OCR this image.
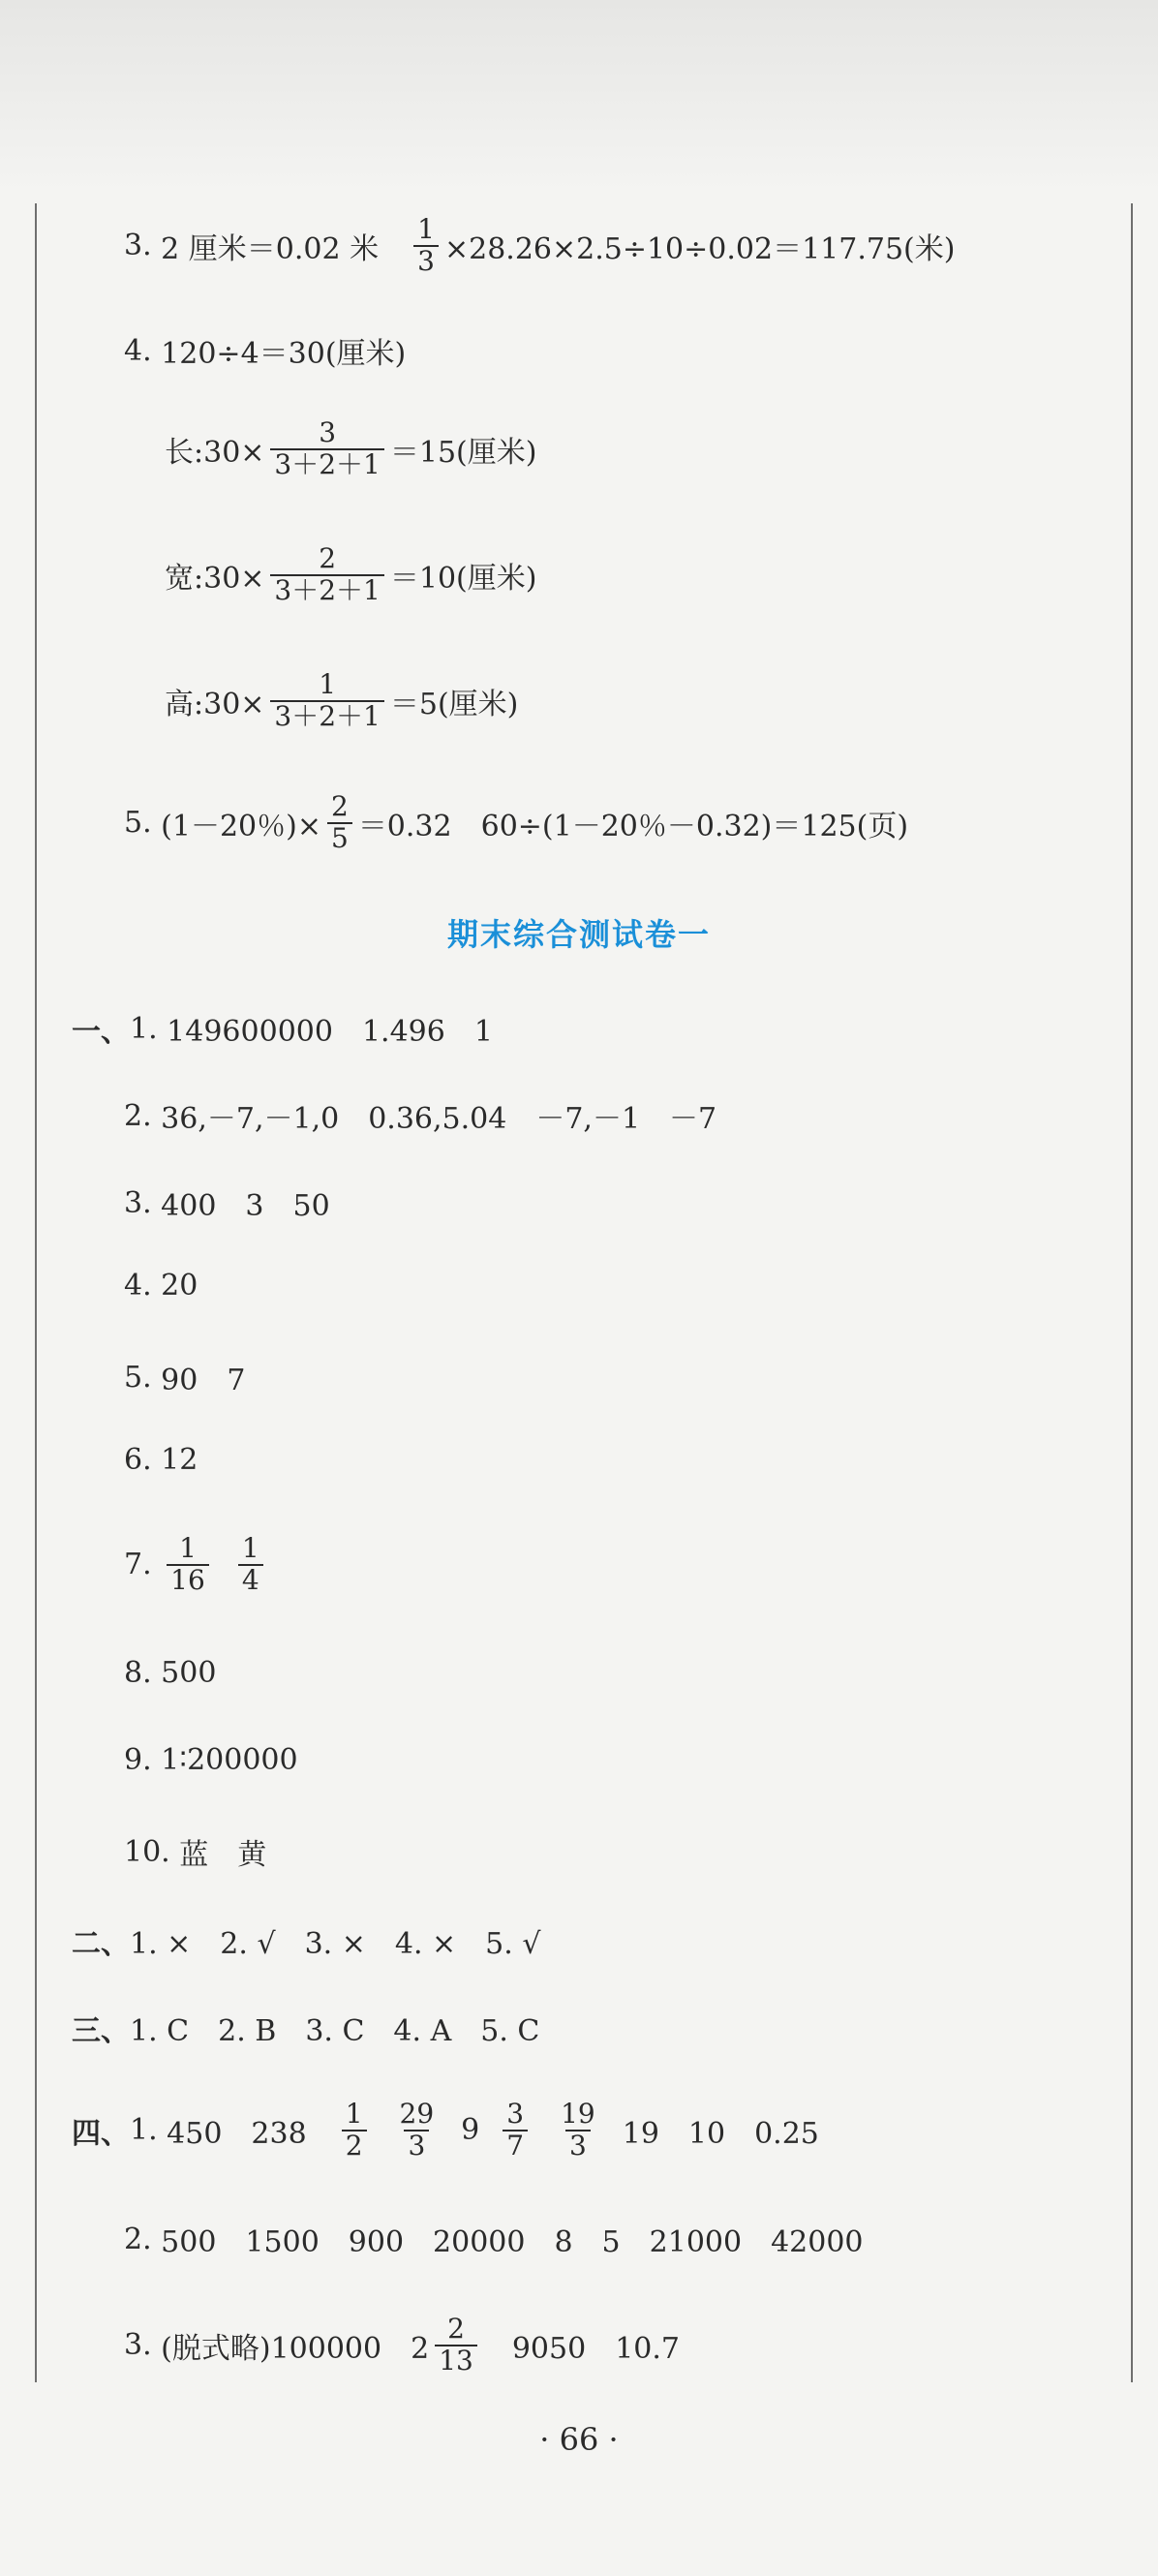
3.
2 厘米＝0.02 米 $\frac{1}{3} \times 28.26\times 2.5\div 10\div 0.02=117.75$(米)
4.
120÷4＝30(厘米)
长:30× $\frac{3}{3+2+1} =15$(厘米)
宽:30× $\frac{2}{3+2+1} =10$(厘米)
高:30× $\frac{1}{3+2+1} =5$(厘米)
5.
(1－20％)× $\frac{2}{5} =0.32$ 60÷(1－20％－0.32)＝125(页)
期末综合测试卷一
一、 1.
149600000　1.496　1
2.
36,－7,－1,0　0.36,5.04　－7,－1　－7
3.
400　3　50
4.
20
5.
90　7
6.
12
7.
$\frac{1}{16} \frac{1}{4}$
8.
500
9.
1∶200000
10.
蓝　黄
二、 1. ×　2. √　3. ×　4. ×　5. √
三、 1. C　2. B　3. C　4. A　5. C
四、 1.
450　$238 \frac{1}{2} \frac{29}{3} 9 \frac{3}{7} \frac{19}{3} 19$　10　0.25
2.
500　1500　900　20000　8　5　21000　42000
3.
(脱式略)100000　$2 \frac{2}{13} 9050$　10.7
· 66 ·
